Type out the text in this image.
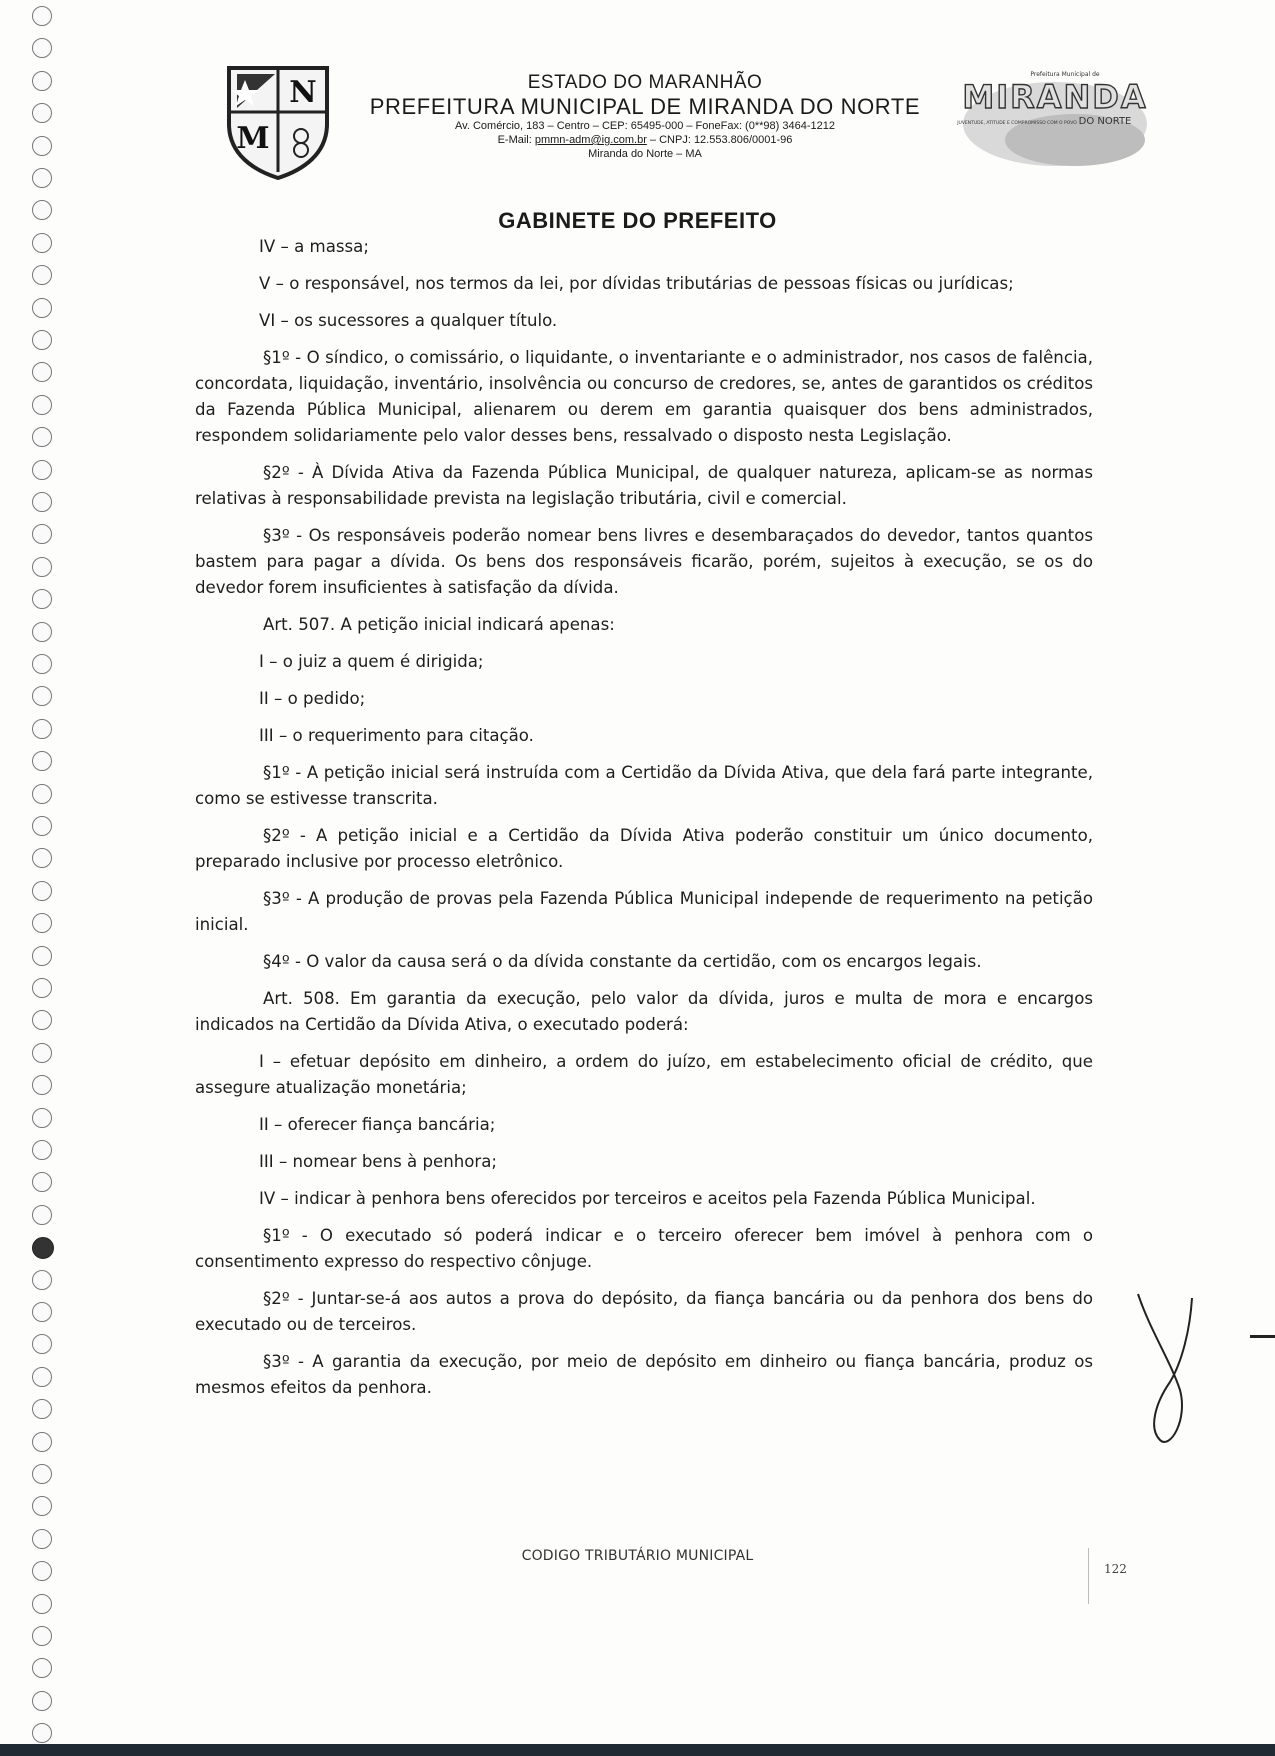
N
M
ESTADO DO MARANHÃO
PREFEITURA MUNICIPAL DE MIRANDA DO NORTE
Av. Comércio, 183 – Centro – CEP: 65495-000 – FoneFax: (0**98) 3464-1212
E-Mail: pmmn-adm@ig.com.br – CNPJ: 12.553.806/0001-96
Miranda do Norte – MA
Prefeitura Municipal de
MIRANDA
DO NORTE
JUVENTUDE, ATITUDE E COMPROMISSO COM O POVO
GABINETE DO PREFEITO

IV – a massa;

V – o responsável, nos termos da lei, por dívidas tributárias de pessoas físicas ou jurídicas;

VI – os sucessores a qualquer título.

§1º - O síndico, o comissário, o liquidante, o inventariante e o administrador, nos casos de falência, concordata, liquidação, inventário, insolvência ou concurso de credores, se, antes de garantidos os créditos da Fazenda Pública Municipal, alienarem ou derem em garantia quaisquer dos bens administrados, respondem solidariamente pelo valor desses bens, ressalvado o disposto nesta Legislação.

§2º - À Dívida Ativa da Fazenda Pública Municipal, de qualquer natureza, aplicam-se as normas relativas à responsabilidade prevista na legislação tributária, civil e comercial.

§3º - Os responsáveis poderão nomear bens livres e desembaraçados do devedor, tantos quantos bastem para pagar a dívida. Os bens dos responsáveis ficarão, porém, sujeitos à execução, se os do devedor forem insuficientes à satisfação da dívida.

Art. 507. A petição inicial indicará apenas:

I – o juiz a quem é dirigida;

II – o pedido;

III – o requerimento para citação.

§1º - A petição inicial será instruída com a Certidão da Dívida Ativa, que dela fará parte integrante, como se estivesse transcrita.

§2º - A petição inicial e a Certidão da Dívida Ativa poderão constituir um único documento, preparado inclusive por processo eletrônico.

§3º - A produção de provas pela Fazenda Pública Municipal independe de requerimento na petição inicial.

§4º - O valor da causa será o da dívida constante da certidão, com os encargos legais.

Art. 508. Em garantia da execução, pelo valor da dívida, juros e multa de mora e encargos indicados na Certidão da Dívida Ativa, o executado poderá:

I – efetuar depósito em dinheiro, a ordem do juízo, em estabelecimento oficial de crédito, que assegure atualização monetária;

II – oferecer fiança bancária;

III – nomear bens à penhora;

IV – indicar à penhora bens oferecidos por terceiros e aceitos pela Fazenda Pública Municipal.

§1º - O executado só poderá indicar e o terceiro oferecer bem imóvel à penhora com o consentimento expresso do respectivo cônjuge.

§2º - Juntar-se-á aos autos a prova do depósito, da fiança bancária ou da penhora dos bens do executado ou de terceiros.

§3º - A garantia da execução, por meio de depósito em dinheiro ou fiança bancária, produz os mesmos efeitos da penhora.

CODIGO TRIBUTÁRIO MUNICIPAL
122
